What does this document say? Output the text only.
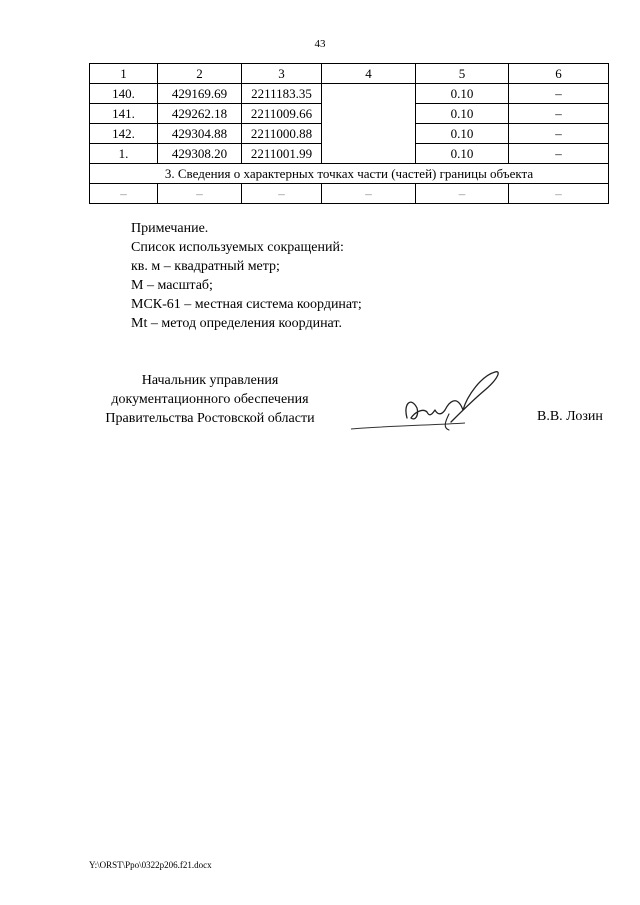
43
1	2	3	4	5	6
140.	429169.69	2211183.35		0.10	–
141.	429262.18	2211009.66		0.10	–
142.	429304.88	2211000.88		0.10	–
1.	429308.20	2211001.99		0.10	–
3. Сведения о характерных точках части (частей) границы объекта					
–	–	–	–	–	–
Примечание.
Список используемых сокращений:
кв. м – квадратный метр;
М – масштаб;
МСК-61 – местная система координат;
Mt – метод определения координат.
Начальник управления
документационного обеспечения
Правительства Ростовской области	В.В. Лозин
Y:\ORST\Ppo\0322p206.f21.docx
